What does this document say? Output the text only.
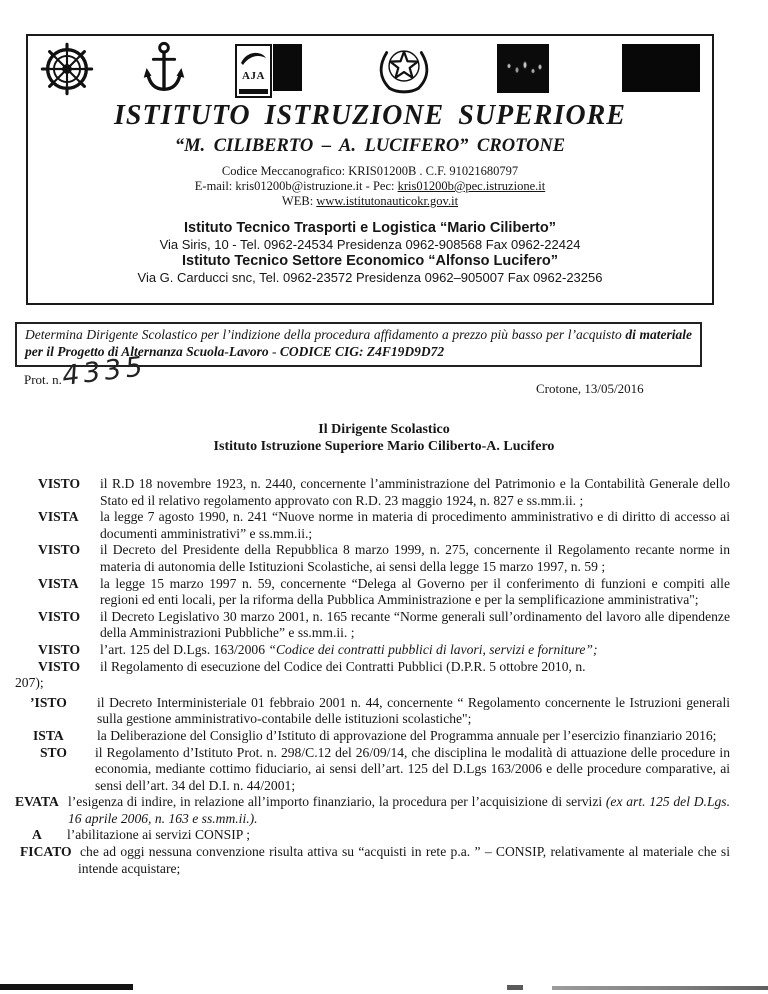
AJA
ISTITUTO ISTRUZIONE SUPERIORE
“M. CILIBERTO – A. LUCIFERO” CROTONE
Codice Meccanografico: KRIS01200B . C.F. 91021680797
E-mail: kris01200b@istruzione.it - Pec: kris01200b@pec.istruzione.it
WEB: www.istitutonauticokr.gov.it
Istituto Tecnico Trasporti e Logistica “Mario Ciliberto”
Via Siris, 10 - Tel. 0962-24534 Presidenza 0962-908568 Fax 0962-22424
Istituto Tecnico Settore Economico “Alfonso Lucifero”
Via G. Carducci snc, Tel. 0962-23572 Presidenza 0962–905007 Fax 0962-23256
Determina Dirigente Scolastico per l’indizione della procedura affidamento a prezzo più basso per l’acquisto di materiale per il Progetto di Alternanza Scuola-Lavoro - CODICE CIG: Z4F19D9D72
Prot. n.
4335	Crotone, 13/05/2016
Il Dirigente Scolastico
Istituto Istruzione Superiore Mario Ciliberto-A. Lucifero
VISTO il R.D 18 novembre 1923, n. 2440, concernente l’amministrazione del Patrimonio e la Contabilità Generale dello Stato ed il relativo regolamento approvato con R.D. 23 maggio 1924, n. 827 e ss.mm.ii. ;
VISTA la legge 7 agosto 1990, n. 241 “Nuove norme in materia di procedimento amministrativo e di diritto di accesso ai documenti amministrativi” e ss.mm.ii.;
VISTO il Decreto del Presidente della Repubblica 8 marzo 1999, n. 275, concernente il Regolamento recante norme in materia di autonomia delle Istituzioni Scolastiche, ai sensi della legge 15 marzo 1997, n. 59 ;
VISTA la legge 15 marzo 1997 n. 59, concernente “Delega al Governo per il conferimento di funzioni e compiti alle regioni ed enti locali, per la riforma della Pubblica Amministrazione e per la semplificazione amministrativa";
VISTO il Decreto Legislativo 30 marzo 2001, n. 165 recante “Norme generali sull’ordinamento del lavoro alle dipendenze della Amministrazioni Pubbliche” e ss.mm.ii. ;
VISTO l’art. 125 del D.Lgs. 163/2006 “Codice dei contratti pubblici di lavori, servizi e forniture”;
VISTO il Regolamento di esecuzione del Codice dei Contratti Pubblici (D.P.R. 5 ottobre 2010, n.
207);
’ISTO il Decreto Interministeriale 01 febbraio 2001 n. 44, concernente “ Regolamento concernente le Istruzioni generali sulla gestione amministrativo-contabile delle istituzioni scolastiche";
ISTA la Deliberazione del Consiglio d’Istituto di approvazione del Programma annuale per l’esercizio finanziario 2016;
STO il Regolamento d’Istituto Prot. n. 298/C.12 del 26/09/14, che disciplina le modalità di attuazione delle procedure in economia, mediante cottimo fiduciario, ai sensi dell’art. 125 del D.Lgs 163/2006 e delle procedure comparative, ai sensi dell’art. 34 del D.I. n. 44/2001;
EVATA l’esigenza di indire, in relazione all’importo finanziario, la procedura per l’acquisizione di servizi (ex art. 125 del D.Lgs. 16 aprile 2006, n. 163 e ss.mm.ii.).
A l’abilitazione ai servizi CONSIP ;
FICATO che ad oggi nessuna convenzione risulta attiva su “acquisti in rete p.a. ” – CONSIP, relativamente al materiale che si intende acquistare;
